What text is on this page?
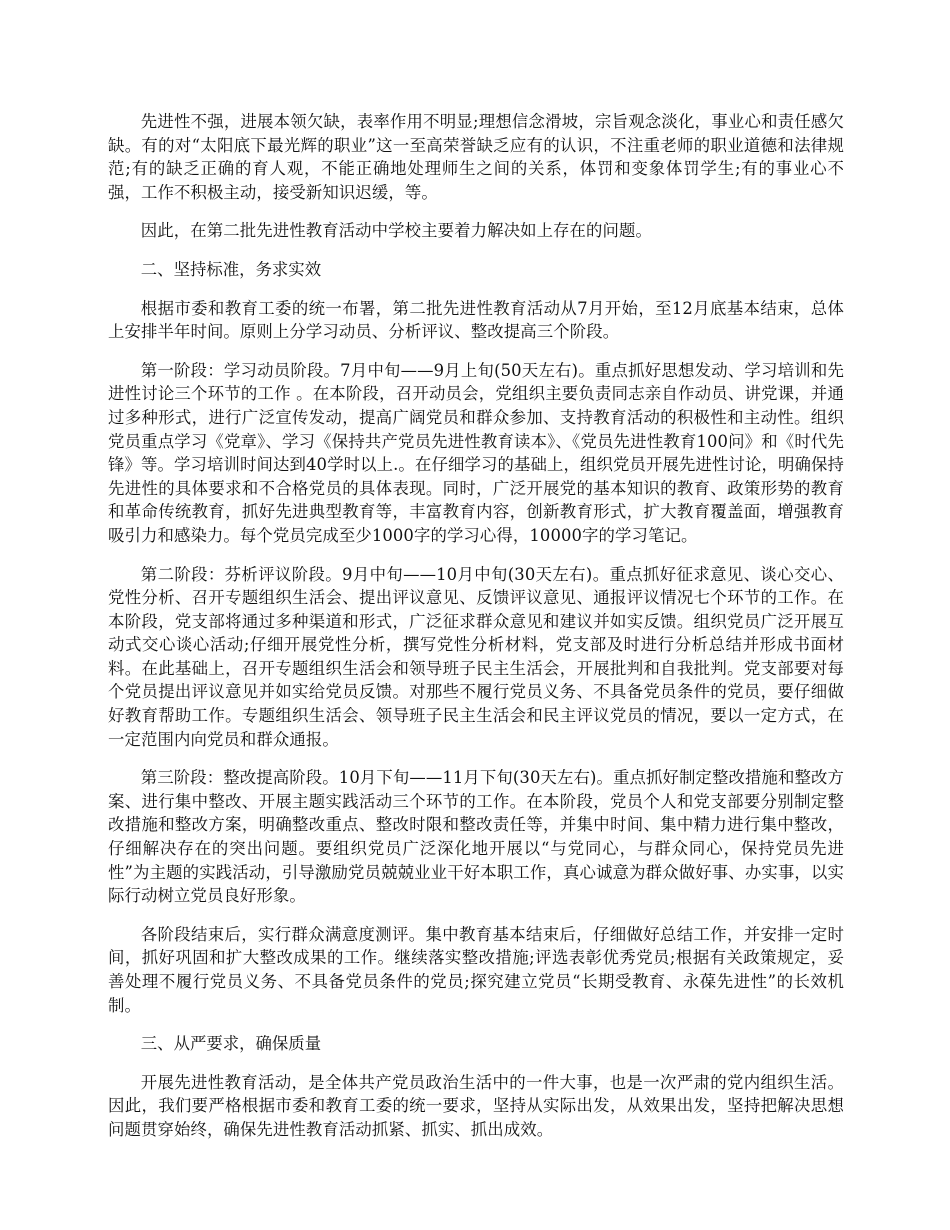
先进性不强，进展本领欠缺，表率作用不明显;理想信念滑坡，宗旨观念淡化，事业心和责任感欠缺。有的对“太阳底下最光辉的职业”这一至高荣誉缺乏应有的认识，不注重老师的职业道德和法律规范;有的缺乏正确的育人观，不能正确地处理师生之间的关系，体罚和变象体罚学生;有的事业心不强，工作不积极主动，接受新知识迟缓，等。

因此，在第二批先进性教育活动中学校主要着力解决如上存在的问题。

二、坚持标准，务求实效

根据市委和教育工委的统一布署，第二批先进性教育活动从7月开始，至12月底基本结束，总体上安排半年时间。原则上分学习动员、分析评议、整改提高三个阶段。

第一阶段：学习动员阶段。7月中旬——9月上旬(50天左右)。重点抓好思想发动、学习培训和先进性讨论三个环节的工作 。在本阶段，召开动员会，党组织主要负责同志亲自作动员、讲党课，并通过多种形式，进行广泛宣传发动，提高广阔党员和群众参加、支持教育活动的积极性和主动性。组织党员重点学习《党章》、学习《保持共产党员先进性教育读本》、《党员先进性教育100问》和《时代先锋》等。学习培训时间达到40学时以上.。在仔细学习的基础上，组织党员开展先进性讨论，明确保持先进性的具体要求和不合格党员的具体表现。同时，广泛开展党的基本知识的教育、政策形势的教育和革命传统教育，抓好先进典型教育等，丰富教育内容，创新教育形式，扩大教育覆盖面，增强教育吸引力和感染力。每个党员完成至少1000字的学习心得，10000字的学习笔记。

第二阶段：芬析评议阶段。9月中旬——10月中旬(30天左右)。重点抓好征求意见、谈心交心、党性分析、召开专题组织生活会、提出评议意见、反馈评议意见、通报评议情况七个环节的工作。在本阶段，党支部将通过多种渠道和形式，广泛征求群众意见和建议并如实反馈。组织党员广泛开展互动式交心谈心活动;仔细开展党性分析，撰写党性分析材料，党支部及时进行分析总结并形成书面材料。在此基础上，召开专题组织生活会和领导班子民主生活会，开展批判和自我批判。党支部要对每个党员提出评议意见并如实给党员反馈。对那些不履行党员义务、不具备党员条件的党员，要仔细做好教育帮助工作。专题组织生活会、领导班子民主生活会和民主评议党员的情况，要以一定方式，在一定范围内向党员和群众通报。

第三阶段：整改提高阶段。10月下旬——11月下旬(30天左右)。重点抓好制定整改措施和整改方案、进行集中整改、开展主题实践活动三个环节的工作。在本阶段，党员个人和党支部要分别制定整改措施和整改方案，明确整改重点、整改时限和整改责任等，并集中时间、集中精力进行集中整改，仔细解决存在的突出问题。要组织党员广泛深化地开展以“与党同心，与群众同心，保持党员先进性”为主题的实践活动，引导激励党员兢兢业业干好本职工作，真心诚意为群众做好事、办实事，以实际行动树立党员良好形象。

各阶段结束后，实行群众满意度测评。集中教育基本结束后，仔细做好总结工作，并安排一定时间，抓好巩固和扩大整改成果的工作。继续落实整改措施;评选表彰优秀党员;根据有关政策规定，妥善处理不履行党员义务、不具备党员条件的党员;探究建立党员“长期受教育、永葆先进性”的长效机制。

三、从严要求，确保质量

开展先进性教育活动，是全体共产党员政治生活中的一件大事，也是一次严肃的党内组织生活。因此，我们要严格根据市委和教育工委的统一要求，坚持从实际出发，从效果出发，坚持把解决思想问题贯穿始终，确保先进性教育活动抓紧、抓实、抓出成效。
